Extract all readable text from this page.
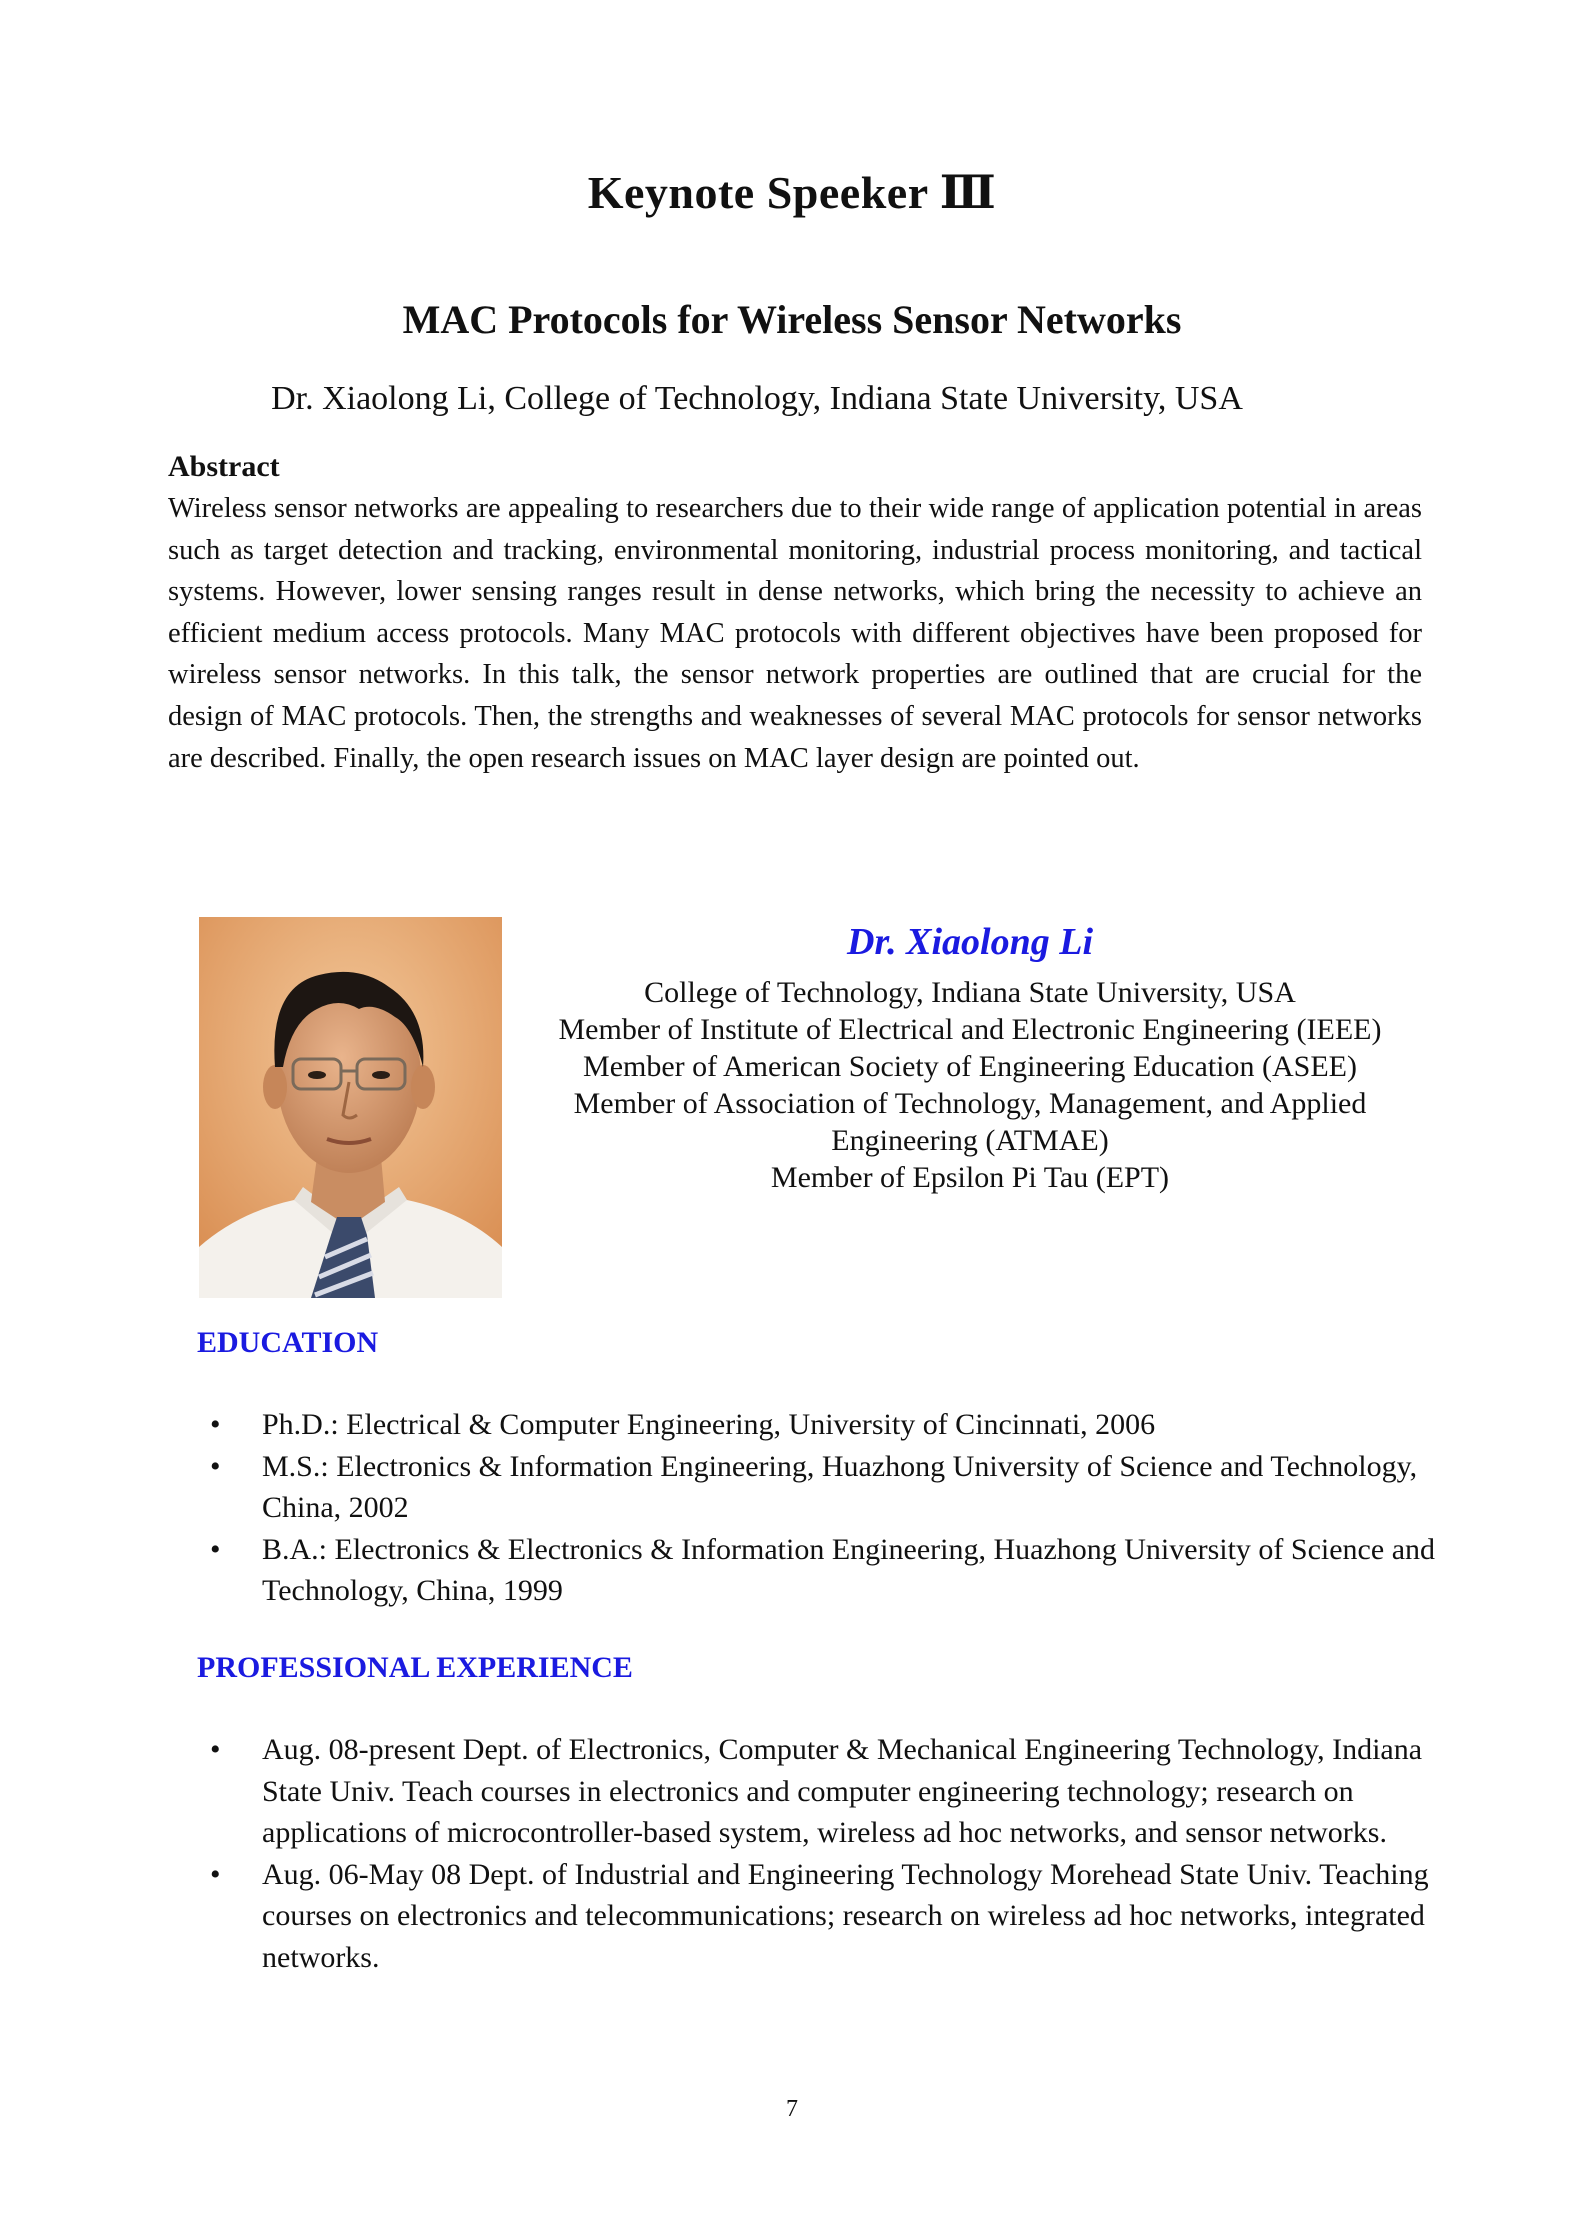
Keynote Speeker Ⅲ
MAC Protocols for Wireless Sensor Networks
Dr. Xiaolong Li, College of Technology, Indiana State University, USA
Abstract
Wireless sensor networks are appealing to researchers due to their wide range of application potential in areas such as target detection and tracking, environmental monitoring, industrial process monitoring, and tactical systems. However, lower sensing ranges result in dense networks, which bring the necessity to achieve an efficient medium access protocols. Many MAC protocols with different objectives have been proposed for wireless sensor networks. In this talk, the sensor network properties are outlined that are crucial for the design of MAC protocols. Then, the strengths and weaknesses of several MAC protocols for sensor networks are described. Finally, the open research issues on MAC layer design are pointed out.
Dr. Xiaolong Li
College of Technology, Indiana State University, USA
Member of Institute of Electrical and Electronic Engineering (IEEE)
Member of American Society of Engineering Education (ASEE)
Member of Association of Technology, Management, and Applied
Engineering (ATMAE)
Member of Epsilon Pi Tau (EPT)
EDUCATION
•	Ph.D.: Electrical & Computer Engineering, University of Cincinnati, 2006
•	M.S.: Electronics & Information Engineering, Huazhong University of Science and Technology, China, 2002
•	B.A.: Electronics & Electronics & Information Engineering, Huazhong University of Science and Technology, China, 1999
PROFESSIONAL EXPERIENCE
•	Aug. 08-present Dept. of Electronics, Computer & Mechanical Engineering Technology, Indiana State Univ. Teach courses in electronics and computer engineering technology; research on applications of microcontroller-based system, wireless ad hoc networks, and sensor networks.
•	Aug. 06-May 08 Dept. of Industrial and Engineering Technology Morehead State Univ. Teaching courses on electronics and telecommunications; research on wireless ad hoc networks, integrated networks.
7
